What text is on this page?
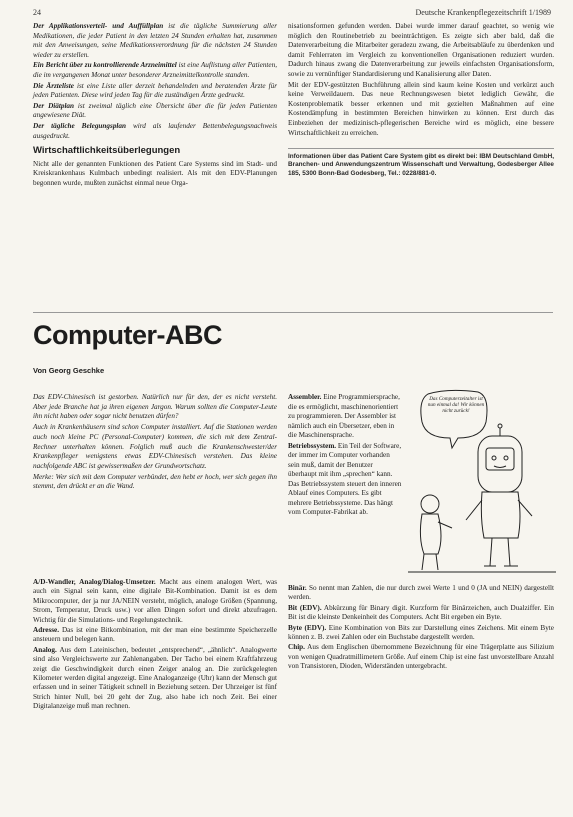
24	Deutsche Krankenpflegezeitschrift 1/1989

Der Applikationsverteil- und Auffüllplan ist die tägliche Summierung aller Medikationen, die jeder Patient in den letzten 24 Stunden erhalten hat, zusammen mit den Anweisungen, seine Medikationsverordnung für die nächsten 24 Stunden wieder zu erstellen.

Ein Bericht über zu kontrollierende Arzneimittel ist eine Auflistung aller Patienten, die im vergangenen Monat unter besonderer Arzneimittelkontrolle standen.

Die Ärzteliste ist eine Liste aller derzeit behandelnden und beratenden Ärzte für jeden Patienten. Diese wird jeden Tag für die zuständigen Ärzte gedruckt.

Der Diätplan ist zweimal täglich eine Übersicht über die für jeden Patienten angewiesene Diät.

Der tägliche Belegungsplan wird als laufender Bettenbelegungsnachweis ausgedruckt.

Wirtschaftlichkeitsüberlegungen

Nicht alle der genannten Funktionen des Patient Care Systems sind im Stadt- und Kreiskrankenhaus Kulmbach unbedingt realisiert. Als mit den EDV-Planungen begonnen wurde, mußten zunächst einmal neue Orga-

nisationsformen gefunden werden. Dabei wurde immer darauf geachtet, so wenig wie möglich den Routinebetrieb zu beeinträchtigen. Es zeigte sich aber bald, daß die Datenverarbeitung die Mitarbeiter geradezu zwang, die Arbeitsabläufe zu überdenken und damit Fehlerraten im Vergleich zu konventionellen Organisationen reduziert wurden. Dadurch hinaus zwang die Datenverarbeitung zur jeweils einfachsten Organisationsform, sowie zu vernünftiger Standardisierung und Kanalisierung aller Daten.

Mit der EDV-gestützten Buchführung allein sind kaum keine Kosten und verkürzt auch keine Verweildauern. Das neue Rechnungswesen bietet lediglich Gewähr, die Kostenproblematik besser erkennen und mit gezielten Maßnahmen auf eine Kostendämpfung in bestimmten Bereichen hinwirken zu können. Erst durch das Einbeziehen der medizinisch-pflegerischen Bereiche wird es möglich, eine bessere Wirtschaftlichkeit zu erreichen.

Informationen über das Patient Care System gibt es direkt bei: IBM Deutschland GmbH, Branchen- und Anwendungszentrum Wissenschaft und Verwaltung, Godesberger Allee 185, 5300 Bonn-Bad Godesberg, Tel.: 0228/881-0.

Computer-ABC
Von Georg Geschke

Das EDV-Chinesisch ist gestorben. Natürlich nur für den, der es nicht versteht. Aber jede Branche hat ja ihren eigenen Jargon. Warum sollten die Computer-Leute ihn nicht haben oder sogar nicht benutzen dürfen?

Auch in Krankenhäusern sind schon Computer installiert. Auf die Stationen werden auch noch kleine PC (Personal-Computer) kommen, die sich mit dem Zentral-Rechner unterhalten können. Folglich muß auch die Krankenschwester/der Krankenpfleger wenigstens etwas EDV-Chinesisch verstehen. Das kleine nachfolgende ABC ist gewissermaßen der Grundwortschatz.

Merke: Wer sich mit dem Computer verbündet, den hebt er hoch, wer sich gegen ihn stemmt, den drückt er an die Wand.

A/D-Wandler, Analog/Dialog-Umsetzer. Macht aus einem analogen Wert, was auch ein Signal sein kann, eine digitale Bit-Kombination. Damit ist es dem Mikrocomputer, der ja nur JA/NEIN versteht, möglich, analoge Größen (Spannung, Strom, Temperatur, Druck usw.) vor allen Dingen sofort und direkt abzufragen. Wichtig für die Simulations- und Regelungstechnik.

Adresse. Das ist eine Bitkombination, mit der man eine bestimmte Speicherzelle ansteuern und belegen kann.

Analog. Aus dem Lateinischen, bedeutet „entsprechend“, „ähnlich“. Analogwerte sind also Vergleichswerte zur Zahlenangaben. Der Tacho bei einem Kraftfahrzeug zeigt die Geschwindigkeit durch einen Zeiger analog an. Die zurückgelegten Kilometer werden digital angezeigt. Eine Analoganzeige (Uhr) kann der Mensch gut erfassen und in seiner Tätigkeit schnell in Beziehung setzen. Der Uhrzeiger ist fünf Strich hinter Null, bei 20 geht der Zug, also habe ich noch Zeit. Bei einer Digitalanzeige muß man rechnen.

Assembler. Eine Programmiersprache, die es ermöglicht, maschinenorientiert zu programmieren. Der Assembler ist nämlich auch ein Übersetzer, eben in die Maschinensprache.

Betriebssystem. Ein Teil der Software, der immer im Computer vorhanden sein muß, damit der Benutzer überhaupt mit ihm „sprechen“ kann. Das Betriebssystem steuert den inneren Ablauf eines Computers. Es gibt mehrere Betriebssysteme. Das hängt vom Computer-Fabrikat ab.

Das Computerzeitalter ist nun einmal da! Wir können nicht zurück!

Binär. So nennt man Zahlen, die nur durch zwei Werte 1 und 0 (JA und NEIN) dargestellt werden.

Bit (EDV). Abkürzung für Binary digit. Kurzform für Binärzeichen, auch Dualziffer. Ein Bit ist die kleinste Denkeinheit des Computers. Acht Bit ergeben ein Byte.

Byte (EDV). Eine Kombination von Bits zur Darstellung eines Zeichens. Mit einem Byte können z. B. zwei Zahlen oder ein Buchstabe dargestellt werden.

Chip. Aus dem Englischen übernommene Bezeichnung für eine Trägerplatte aus Silizium von wenigen Quadratmillimetern Größe. Auf einem Chip ist eine fast unvorstellbare Anzahl von Transistoren, Dioden, Widerständen untergebracht.
